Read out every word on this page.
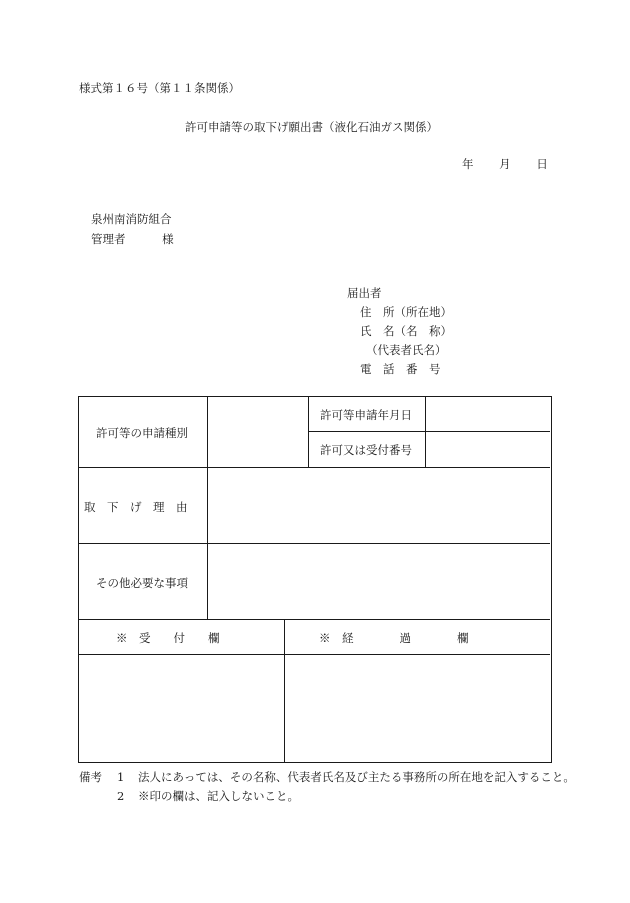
様式第１６号（第１１条関係）
許可申請等の取下げ願出書（液化石油ガス関係）
年 月 日
泉州南消防組合
管理者	様
届出者
住　所（所在地）
氏　名（名　称）
（代表者氏名）
電　話　番　号
許可等の申請種別
許可等申請年月日
許可又は受付番号
取　下　げ　理　由
その他必要な事項
※　受　　付　　欄	※　経　　　　過　　　　欄
備考 1 法人にあっては、その名称、代表者氏名及び主たる事務所の所在地を記入すること。
2 ※印の欄は、記入しないこと。
